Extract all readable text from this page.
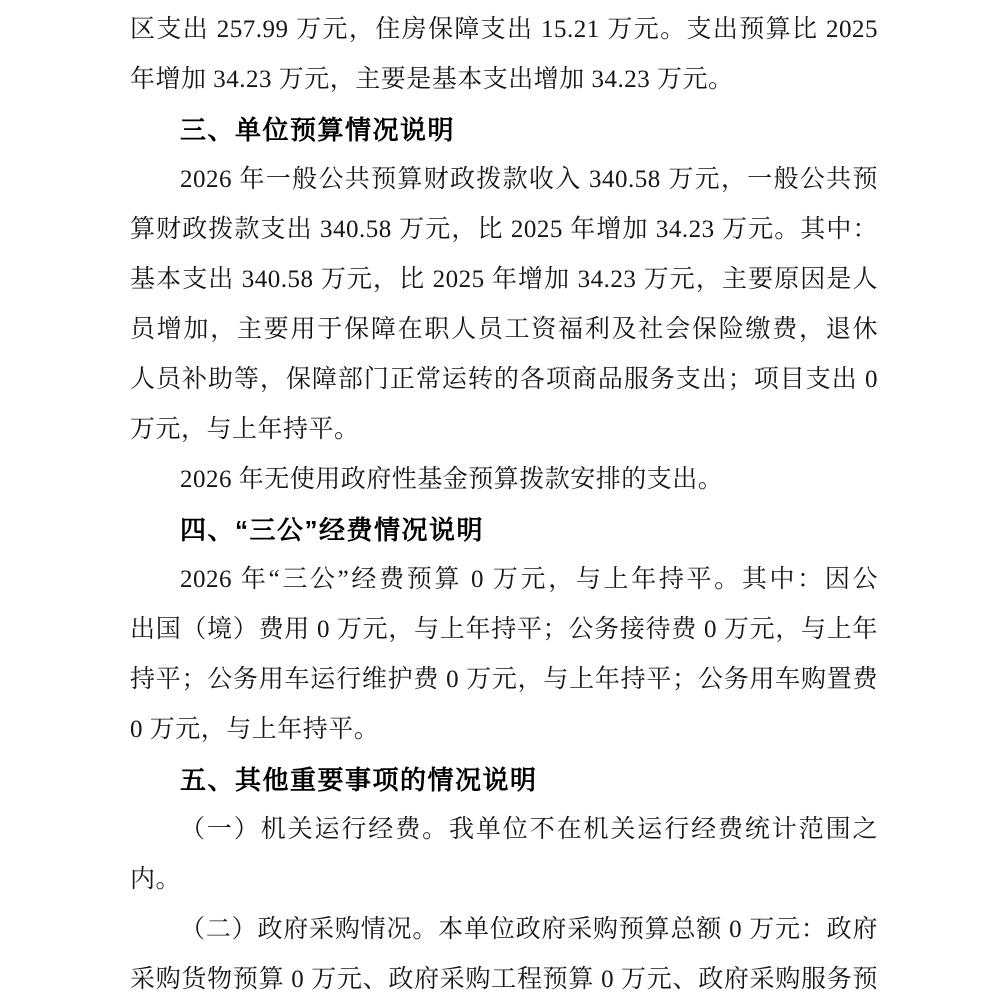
区支出 257.99 万元，住房保障支出 15.21 万元。支出预算比 2025
年增加 34.23 万元，主要是基本支出增加 34.23 万元。
三、单位预算情况说明
2026 年一般公共预算财政拨款收入 340.58 万元，一般公共预
算财政拨款支出 340.58 万元，比 2025 年增加 34.23 万元。其中：
基本支出 340.58 万元，比 2025 年增加 34.23 万元，主要原因是人
员增加，主要用于保障在职人员工资福利及社会保险缴费，退休
人员补助等，保障部门正常运转的各项商品服务支出；项目支出 0
万元，与上年持平。
2026 年无使用政府性基金预算拨款安排的支出。
四、“三公”经费情况说明
2026 年“三公”经费预算 0 万元，与上年持平。其中：因公
出国（境）费用 0 万元，与上年持平；公务接待费 0 万元，与上年
持平；公务用车运行维护费 0 万元，与上年持平；公务用车购置费
0 万元，与上年持平。
五、其他重要事项的情况说明
（一）机关运行经费。我单位不在机关运行经费统计范围之
内。
（二）政府采购情况。本单位政府采购预算总额 0 万元：政府
采购货物预算 0 万元、政府采购工程预算 0 万元、政府采购服务预
